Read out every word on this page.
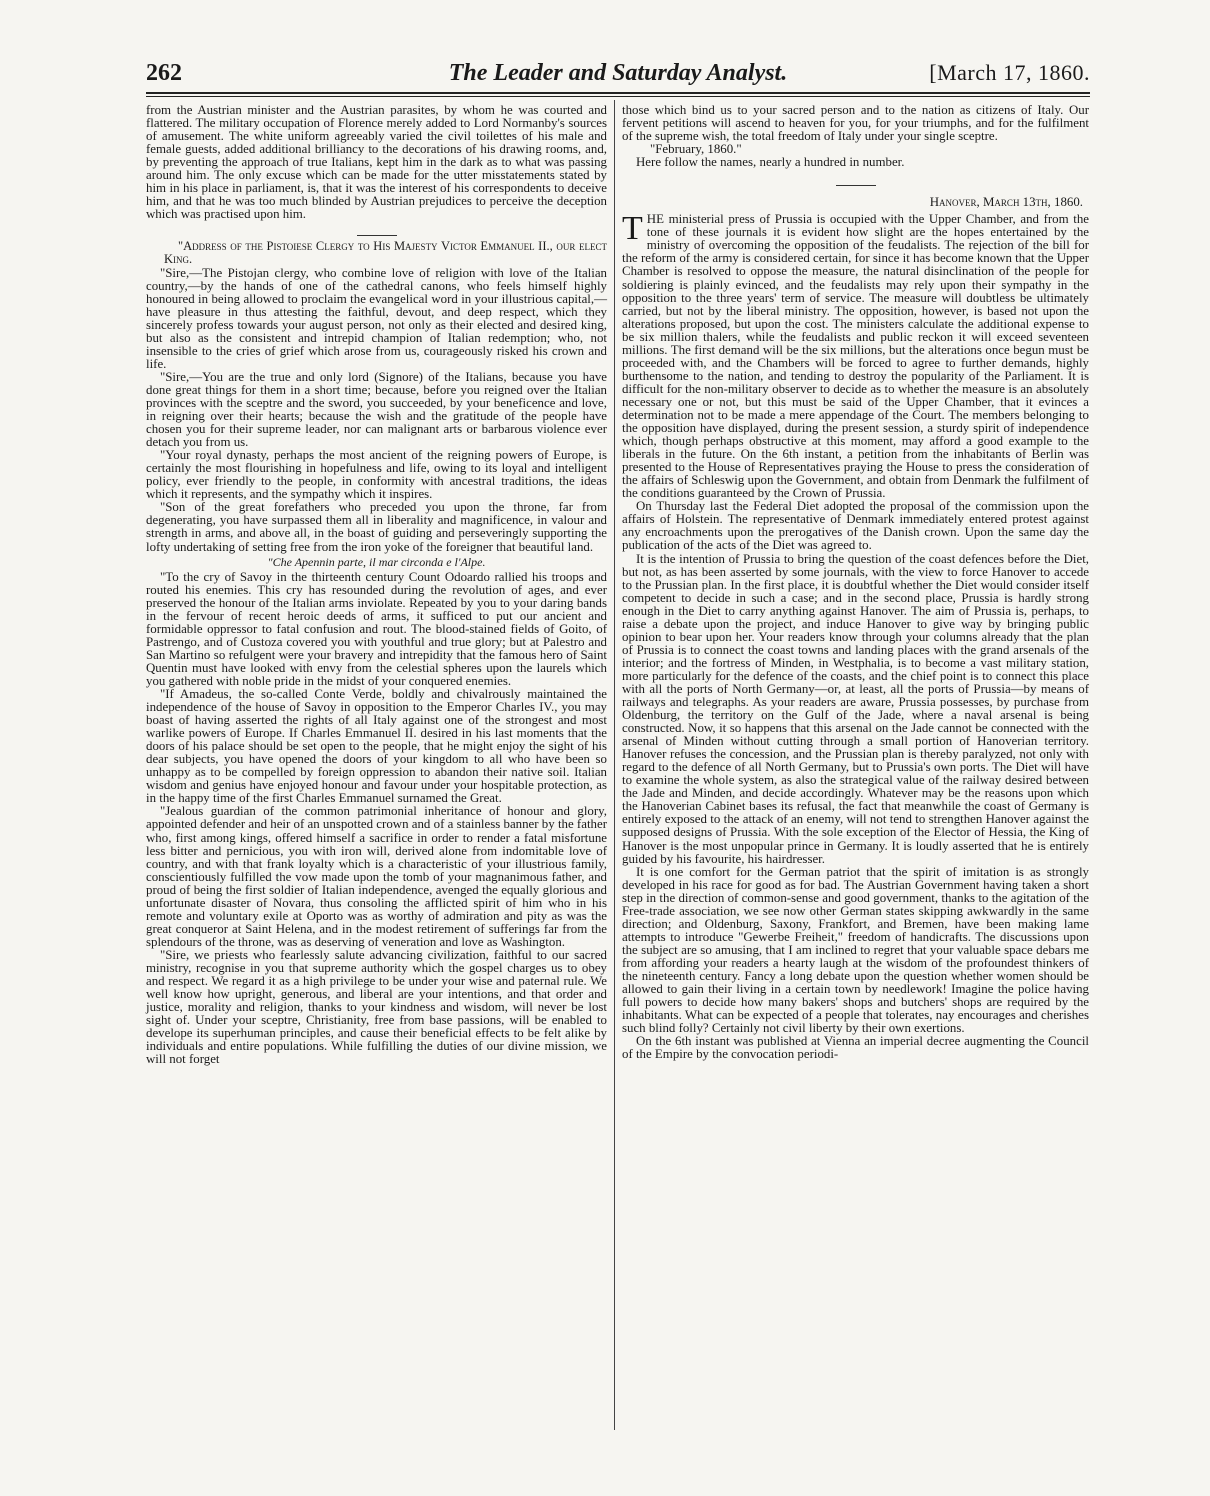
262	The Leader and Saturday Analyst.	[March 17, 1860.

from the Austrian minister and the Austrian parasites, by whom he was courted and flattered. The military occupation of Florence merely added to Lord Normanby's sources of amusement. The white uniform agreeably varied the civil toilettes of his male and female guests, added additional brilliancy to the decorations of his drawing rooms, and, by preventing the approach of true Italians, kept him in the dark as to what was passing around him. The only excuse which can be made for the utter misstatements stated by him in his place in parliament, is, that it was the interest of his correspondents to deceive him, and that he was too much blinded by Austrian prejudices to perceive the deception which was practised upon him.

"Address of the Pistoiese Clergy to His Majesty Victor Emmanuel II., our elect King.

"Sire,—The Pistojan clergy, who combine love of religion with love of the Italian country,—by the hands of one of the cathedral canons, who feels himself highly honoured in being allowed to proclaim the evangelical word in your illustrious capital,—have pleasure in thus attesting the faithful, devout, and deep respect, which they sincerely profess towards your august person, not only as their elected and desired king, but also as the consistent and intrepid champion of Italian redemption; who, not insensible to the cries of grief which arose from us, courageously risked his crown and life.

"Sire,—You are the true and only lord (Signore) of the Italians, because you have done great things for them in a short time; because, before you reigned over the Italian provinces with the sceptre and the sword, you succeeded, by your beneficence and love, in reigning over their hearts; because the wish and the gratitude of the people have chosen you for their supreme leader, nor can malignant arts or barbarous violence ever detach you from us.

"Your royal dynasty, perhaps the most ancient of the reigning powers of Europe, is certainly the most flourishing in hopefulness and life, owing to its loyal and intelligent policy, ever friendly to the people, in conformity with ancestral traditions, the ideas which it represents, and the sympathy which it inspires.

"Son of the great forefathers who preceded you upon the throne, far from degenerating, you have surpassed them all in liberality and magnificence, in valour and strength in arms, and above all, in the boast of guiding and perseveringly supporting the lofty undertaking of setting free from the iron yoke of the foreigner that beautiful land.

"Che Apennin parte, il mar circonda e l'Alpe.

"To the cry of Savoy in the thirteenth century Count Odoardo rallied his troops and routed his enemies. This cry has resounded during the revolution of ages, and ever preserved the honour of the Italian arms inviolate. Repeated by you to your daring bands in the fervour of recent heroic deeds of arms, it sufficed to put our ancient and formidable oppressor to fatal confusion and rout. The blood-stained fields of Goito, of Pastrengo, and of Custoza covered you with youthful and true glory; but at Palestro and San Martino so refulgent were your bravery and intrepidity that the famous hero of Saint Quentin must have looked with envy from the celestial spheres upon the laurels which you gathered with noble pride in the midst of your conquered enemies.

"If Amadeus, the so-called Conte Verde, boldly and chivalrously maintained the independence of the house of Savoy in opposition to the Emperor Charles IV., you may boast of having asserted the rights of all Italy against one of the strongest and most warlike powers of Europe. If Charles Emmanuel II. desired in his last moments that the doors of his palace should be set open to the people, that he might enjoy the sight of his dear subjects, you have opened the doors of your kingdom to all who have been so unhappy as to be compelled by foreign oppression to abandon their native soil. Italian wisdom and genius have enjoyed honour and favour under your hospitable protection, as in the happy time of the first Charles Emmanuel surnamed the Great.

"Jealous guardian of the common patrimonial inheritance of honour and glory, appointed defender and heir of an unspotted crown and of a stainless banner by the father who, first among kings, offered himself a sacrifice in order to render a fatal misfortune less bitter and pernicious, you with iron will, derived alone from indomitable love of country, and with that frank loyalty which is a characteristic of your illustrious family, conscientiously fulfilled the vow made upon the tomb of your magnanimous father, and proud of being the first soldier of Italian independence, avenged the equally glorious and unfortunate disaster of Novara, thus consoling the afflicted spirit of him who in his remote and voluntary exile at Oporto was as worthy of admiration and pity as was the great conqueror at Saint Helena, and in the modest retirement of sufferings far from the splendours of the throne, was as deserving of veneration and love as Washington.

"Sire, we priests who fearlessly salute advancing civilization, faithful to our sacred ministry, recognise in you that supreme authority which the gospel charges us to obey and respect. We regard it as a high privilege to be under your wise and paternal rule. We well know how upright, generous, and liberal are your intentions, and that order and justice, morality and religion, thanks to your kindness and wisdom, will never be lost sight of. Under your sceptre, Christianity, free from base passions, will be enabled to develope its superhuman principles, and cause their beneficial effects to be felt alike by individuals and entire populations. While fulfilling the duties of our divine mission, we will not forget

those which bind us to your sacred person and to the nation as citizens of Italy. Our fervent petitions will ascend to heaven for you, for your triumphs, and for the fulfilment of the supreme wish, the total freedom of Italy under your single sceptre.

"February, 1860."

Here follow the names, nearly a hundred in number.

Hanover, March 13th, 1860.

THE ministerial press of Prussia is occupied with the Upper Chamber, and from the tone of these journals it is evident how slight are the hopes entertained by the ministry of overcoming the opposition of the feudalists. The rejection of the bill for the reform of the army is considered certain, for since it has become known that the Upper Chamber is resolved to oppose the measure, the natural disinclination of the people for soldiering is plainly evinced, and the feudalists may rely upon their sympathy in the opposition to the three years' term of service. The measure will doubtless be ultimately carried, but not by the liberal ministry. The opposition, however, is based not upon the alterations proposed, but upon the cost. The ministers calculate the additional expense to be six million thalers, while the feudalists and public reckon it will exceed seventeen millions. The first demand will be the six millions, but the alterations once begun must be proceeded with, and the Chambers will be forced to agree to further demands, highly burthensome to the nation, and tending to destroy the popularity of the Parliament. It is difficult for the non-military observer to decide as to whether the measure is an absolutely necessary one or not, but this must be said of the Upper Chamber, that it evinces a determination not to be made a mere appendage of the Court. The members belonging to the opposition have displayed, during the present session, a sturdy spirit of independence which, though perhaps obstructive at this moment, may afford a good example to the liberals in the future. On the 6th instant, a petition from the inhabitants of Berlin was presented to the House of Representatives praying the House to press the consideration of the affairs of Schleswig upon the Government, and obtain from Denmark the fulfilment of the conditions guaranteed by the Crown of Prussia.

On Thursday last the Federal Diet adopted the proposal of the commission upon the affairs of Holstein. The representative of Denmark immediately entered protest against any encroachments upon the prerogatives of the Danish crown. Upon the same day the publication of the acts of the Diet was agreed to.

It is the intention of Prussia to bring the question of the coast defences before the Diet, but not, as has been asserted by some journals, with the view to force Hanover to accede to the Prussian plan. In the first place, it is doubtful whether the Diet would consider itself competent to decide in such a case; and in the second place, Prussia is hardly strong enough in the Diet to carry anything against Hanover. The aim of Prussia is, perhaps, to raise a debate upon the project, and induce Hanover to give way by bringing public opinion to bear upon her. Your readers know through your columns already that the plan of Prussia is to connect the coast towns and landing places with the grand arsenals of the interior; and the fortress of Minden, in Westphalia, is to become a vast military station, more particularly for the defence of the coasts, and the chief point is to connect this place with all the ports of North Germany—or, at least, all the ports of Prussia—by means of railways and telegraphs. As your readers are aware, Prussia possesses, by purchase from Oldenburg, the territory on the Gulf of the Jade, where a naval arsenal is being constructed. Now, it so happens that this arsenal on the Jade cannot be connected with the arsenal of Minden without cutting through a small portion of Hanoverian territory. Hanover refuses the concession, and the Prussian plan is thereby paralyzed, not only with regard to the defence of all North Germany, but to Prussia's own ports. The Diet will have to examine the whole system, as also the strategical value of the railway desired between the Jade and Minden, and decide accordingly. Whatever may be the reasons upon which the Hanoverian Cabinet bases its refusal, the fact that meanwhile the coast of Germany is entirely exposed to the attack of an enemy, will not tend to strengthen Hanover against the supposed designs of Prussia. With the sole exception of the Elector of Hessia, the King of Hanover is the most unpopular prince in Germany. It is loudly asserted that he is entirely guided by his favourite, his hairdresser.

It is one comfort for the German patriot that the spirit of imitation is as strongly developed in his race for good as for bad. The Austrian Government having taken a short step in the direction of common-sense and good government, thanks to the agitation of the Free-trade association, we see now other German states skipping awkwardly in the same direction; and Oldenburg, Saxony, Frankfort, and Bremen, have been making lame attempts to introduce "Gewerbe Freiheit," freedom of handicrafts. The discussions upon the subject are so amusing, that I am inclined to regret that your valuable space debars me from affording your readers a hearty laugh at the wisdom of the profoundest thinkers of the nineteenth century. Fancy a long debate upon the question whether women should be allowed to gain their living in a certain town by needlework! Imagine the police having full powers to decide how many bakers' shops and butchers' shops are required by the inhabitants. What can be expected of a people that tolerates, nay encourages and cherishes such blind folly? Certainly not civil liberty by their own exertions.

On the 6th instant was published at Vienna an imperial decree augmenting the Council of the Empire by the convocation periodi-
